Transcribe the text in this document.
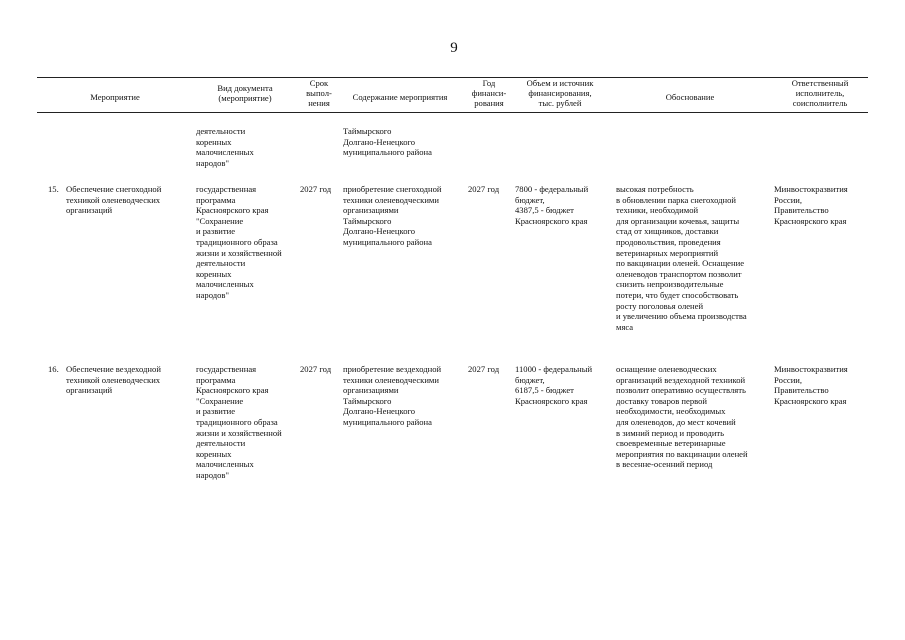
9
Мероприятие
Вид документа
(мероприятие)
Срок
выпол-
нения
Содержание мероприятия
Год
финанси-
рования
Объем и источник
финансирования,
тыс. рублей
Обоснование
Ответственный
исполнитель,
соисполнитель
деятельности
коренных
малочисленных
народов"
Таймырского
Долгано-Ненецкого
муниципального района
15. Обеспечение снегоходной
техникой оленеводческих
организаций
государственная
программа
Красноярского края
"Сохранение
и развитие
традиционного образа
жизни и хозяйственной
деятельности
коренных
малочисленных
народов"
2027 год приобретение снегоходной
техники оленеводческими
организациями
Таймырского
Долгано-Ненецкого
муниципального района
2027 год 7800 - федеральный
бюджет,
4387,5 - бюджет
Красноярского края
высокая потребность
в обновлении парка снегоходной
техники, необходимой
для организации кочевья, защиты
стад от хищников, доставки
продовольствия, проведения
ветеринарных мероприятий
по вакцинации оленей. Оснащение
оленеводов транспортом позволит
снизить непроизводительные
потери, что будет способствовать
росту поголовья оленей
и увеличению объема производства
мяса
Минвостокразвития
России,
Правительство
Красноярского края
16. Обеспечение вездеходной
техникой оленеводческих
организаций
государственная
программа
Красноярского края
"Сохранение
и развитие
традиционного образа
жизни и хозяйственной
деятельности
коренных
малочисленных
народов"
2027 год приобретение вездеходной
техники оленеводческими
организациями
Таймырского
Долгано-Ненецкого
муниципального района
2027 год 11000 - федеральный
бюджет,
6187,5 - бюджет
Красноярского края
оснащение оленеводческих
организаций вездеходной техникой
позволит оперативно осуществлять
доставку товаров первой
необходимости, необходимых
для оленеводов, до мест кочевий
в зимний период и проводить
своевременные ветеринарные
мероприятия по вакцинации оленей
в весенне-осенний период
Минвостокразвития
России,
Правительство
Красноярского края
